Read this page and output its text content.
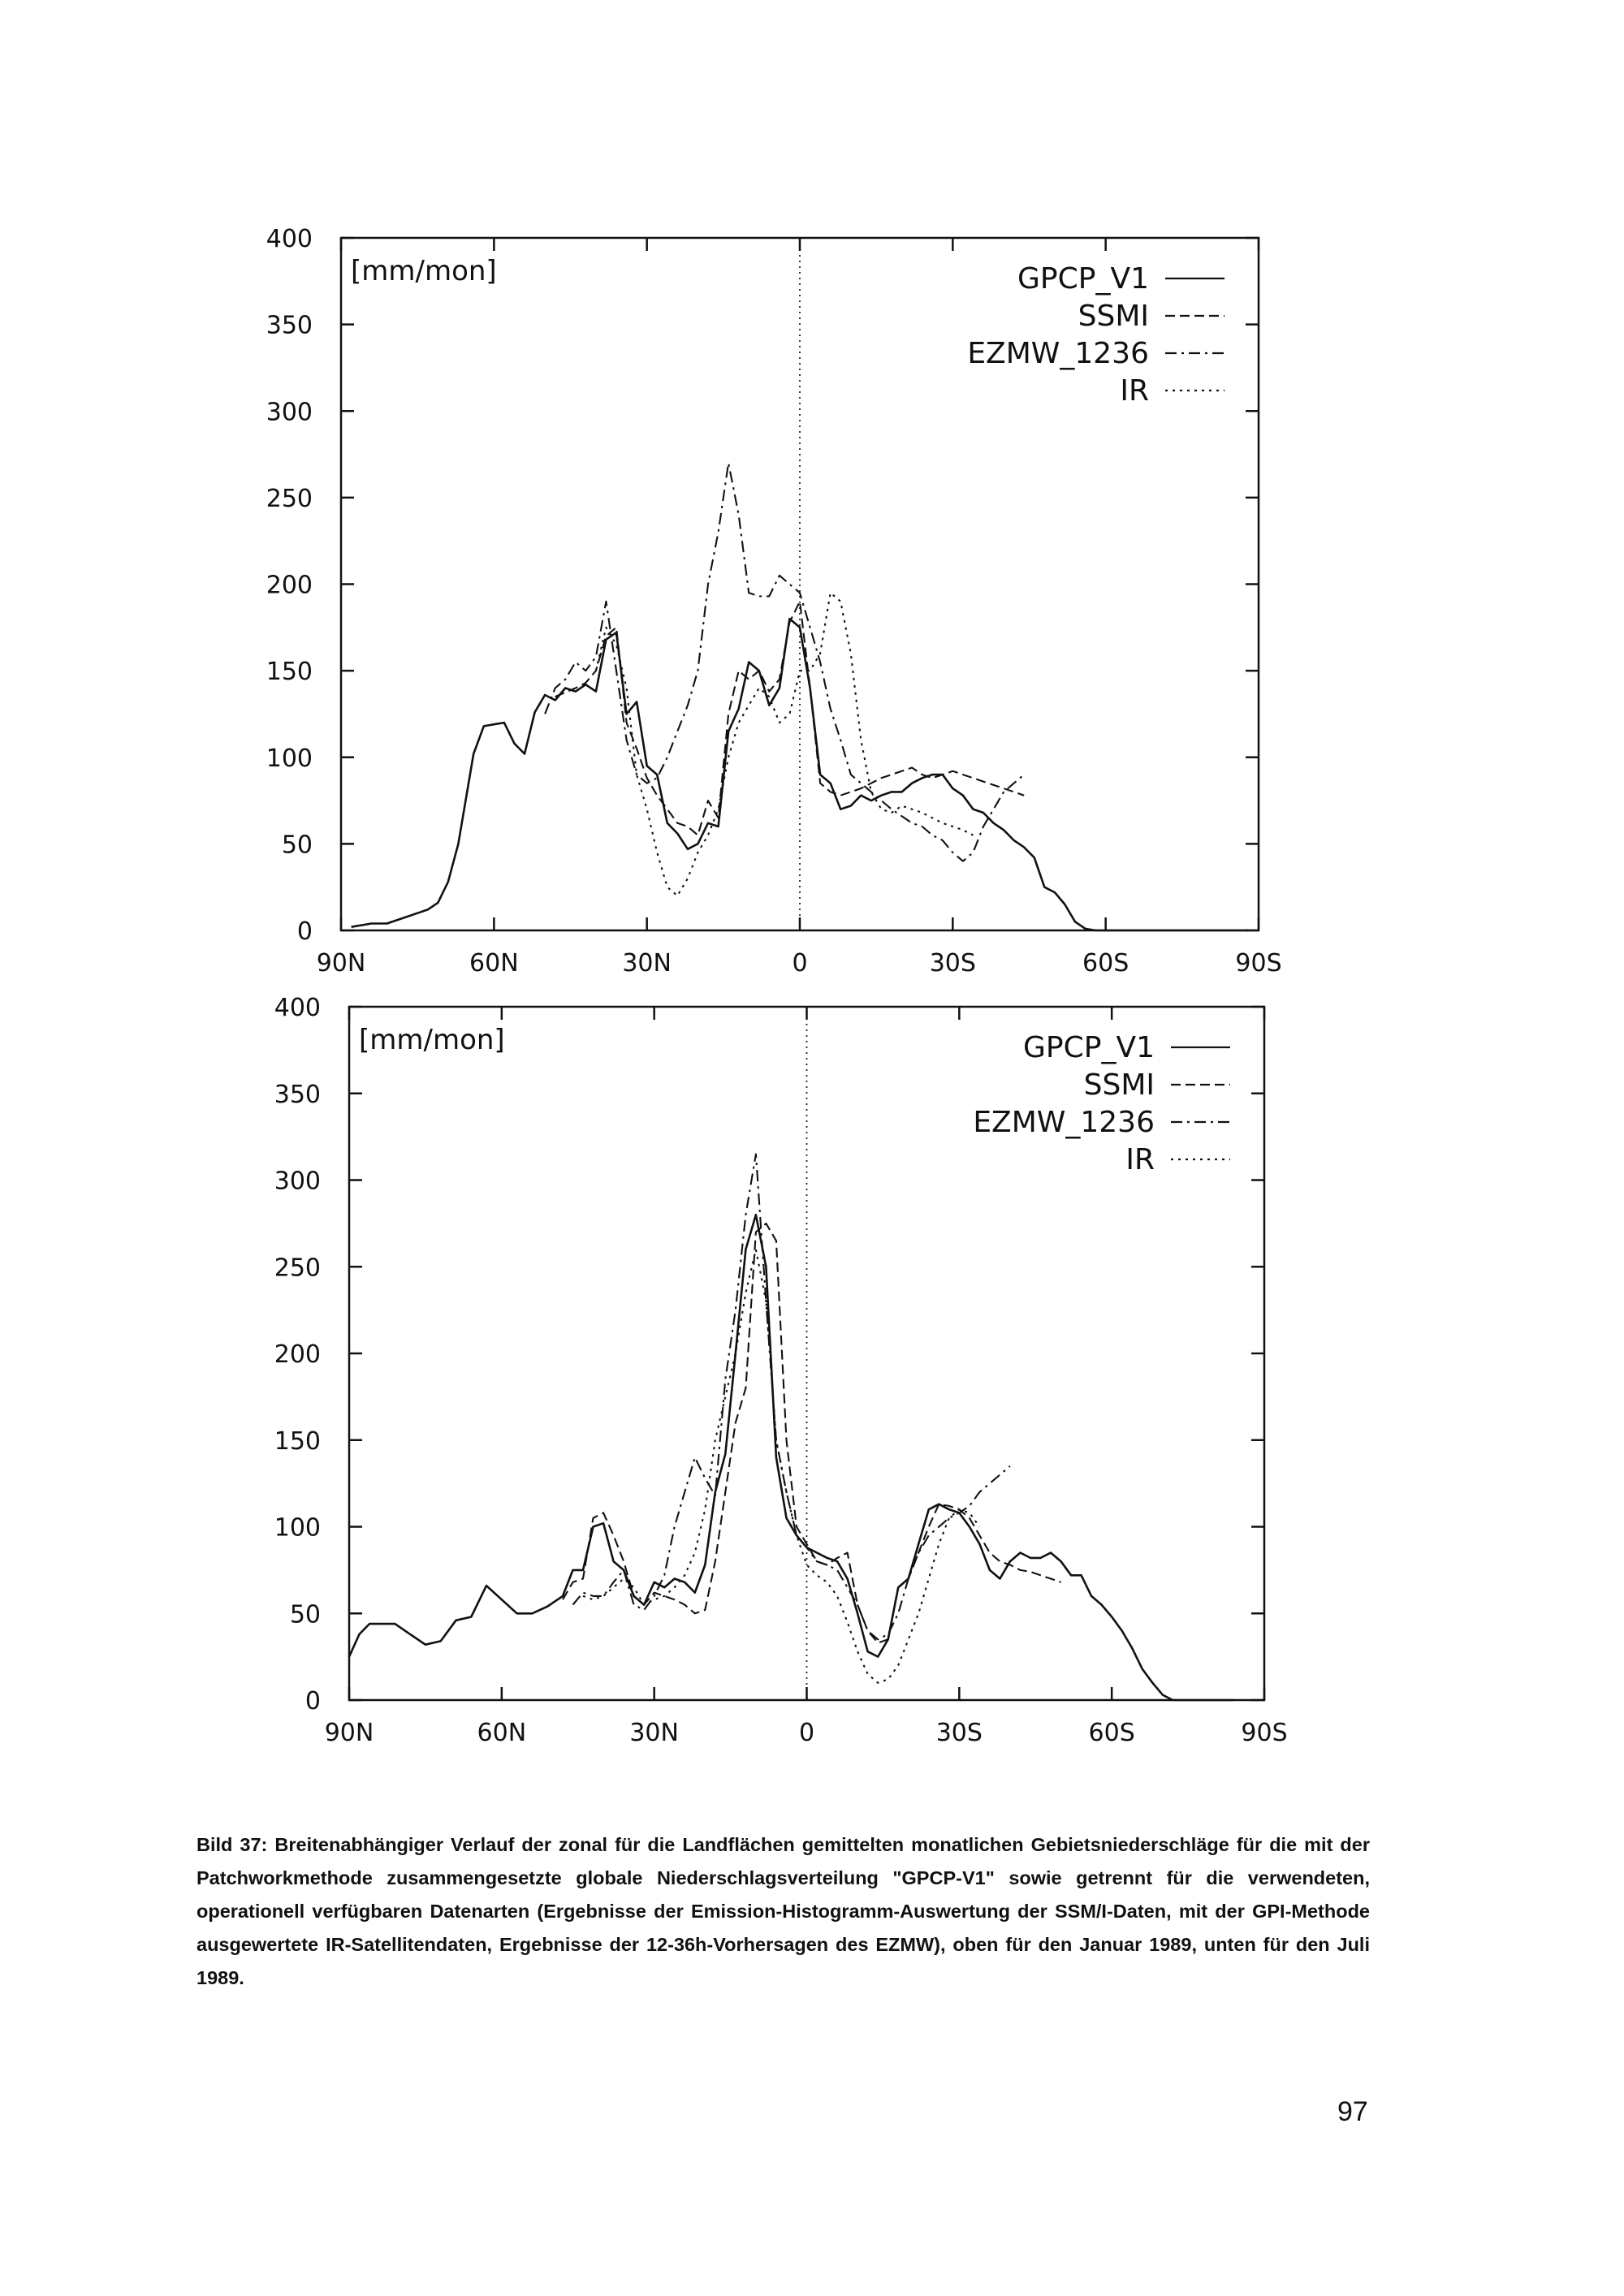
0
50
100
150
200
250
300
350
400
90N	60N	30N	0	30S	60S	90S
[mm/mon]	GPCP_V1
SSMI
EZMW_1236
IR
0
50
100
150
200
250
300
350
400
90N	60N	30N	0	30S	60S	90S
[mm/mon]	GPCP_V1
SSMI
EZMW_1236
IR
Bild 37: Breitenabhängiger Verlauf der zonal für die Landflächen gemittelten monatlichen Gebietsniederschläge für die mit der Patchworkmethode zusammengesetzte globale Niederschlagsverteilung "GPCP-V1" sowie getrennt für die verwendeten, operationell verfügbaren Datenarten (Ergebnisse der Emission-Histogramm-Auswertung der SSM/I-Daten, mit der GPI-Methode ausgewertete IR-Satellitendaten, Ergebnisse der 12-36h-Vorhersagen des EZMW), oben für den Januar 1989, unten für den Juli 1989.
97
